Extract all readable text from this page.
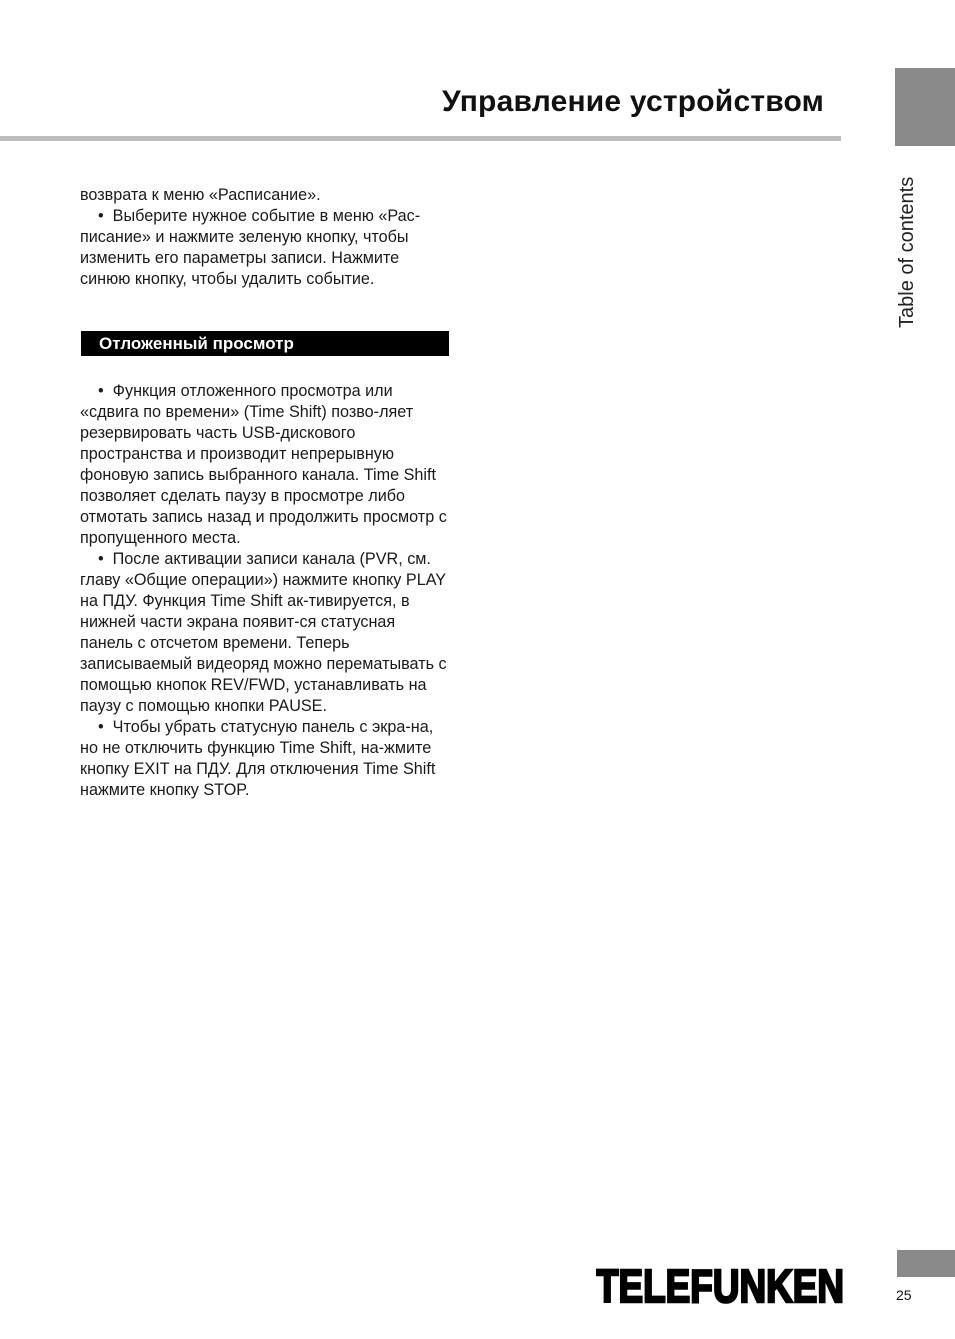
Управление устройством
Table of contents

возврата к меню «Расписание».

•  Выберите нужное событие в меню «Рас-писание» и нажмите зеленую кнопку, чтобы изменить его параметры записи. Нажмите синюю кнопку, чтобы удалить событие.

Отложенный просмотр

•  Функция отложенного просмотра или «сдвига по времени» (Time Shift) позво-ляет резервировать часть USB-дискового пространства и производит непрерывную фоновую запись выбранного канала. Time Shift позволяет сделать паузу в просмотре либо отмотать запись назад и продолжить просмотр с пропущенного места.

•  После активации записи канала (PVR, см. главу «Общие операции») нажмите кнопку PLAY на ПДУ. Функция Time Shift ак-тивируется, в нижней части экрана появит-ся статусная панель с отсчетом времени. Теперь записываемый видеоряд можно перематывать с помощью кнопок REV/FWD, устанавливать на паузу с помощью кнопки PAUSE.

•  Чтобы убрать статусную панель с экра-на, но не отключить функцию Time Shift, на-жмите кнопку EXIT на ПДУ. Для отключения Time Shift нажмите кнопку STOP.

TELEFUNKEN	25
